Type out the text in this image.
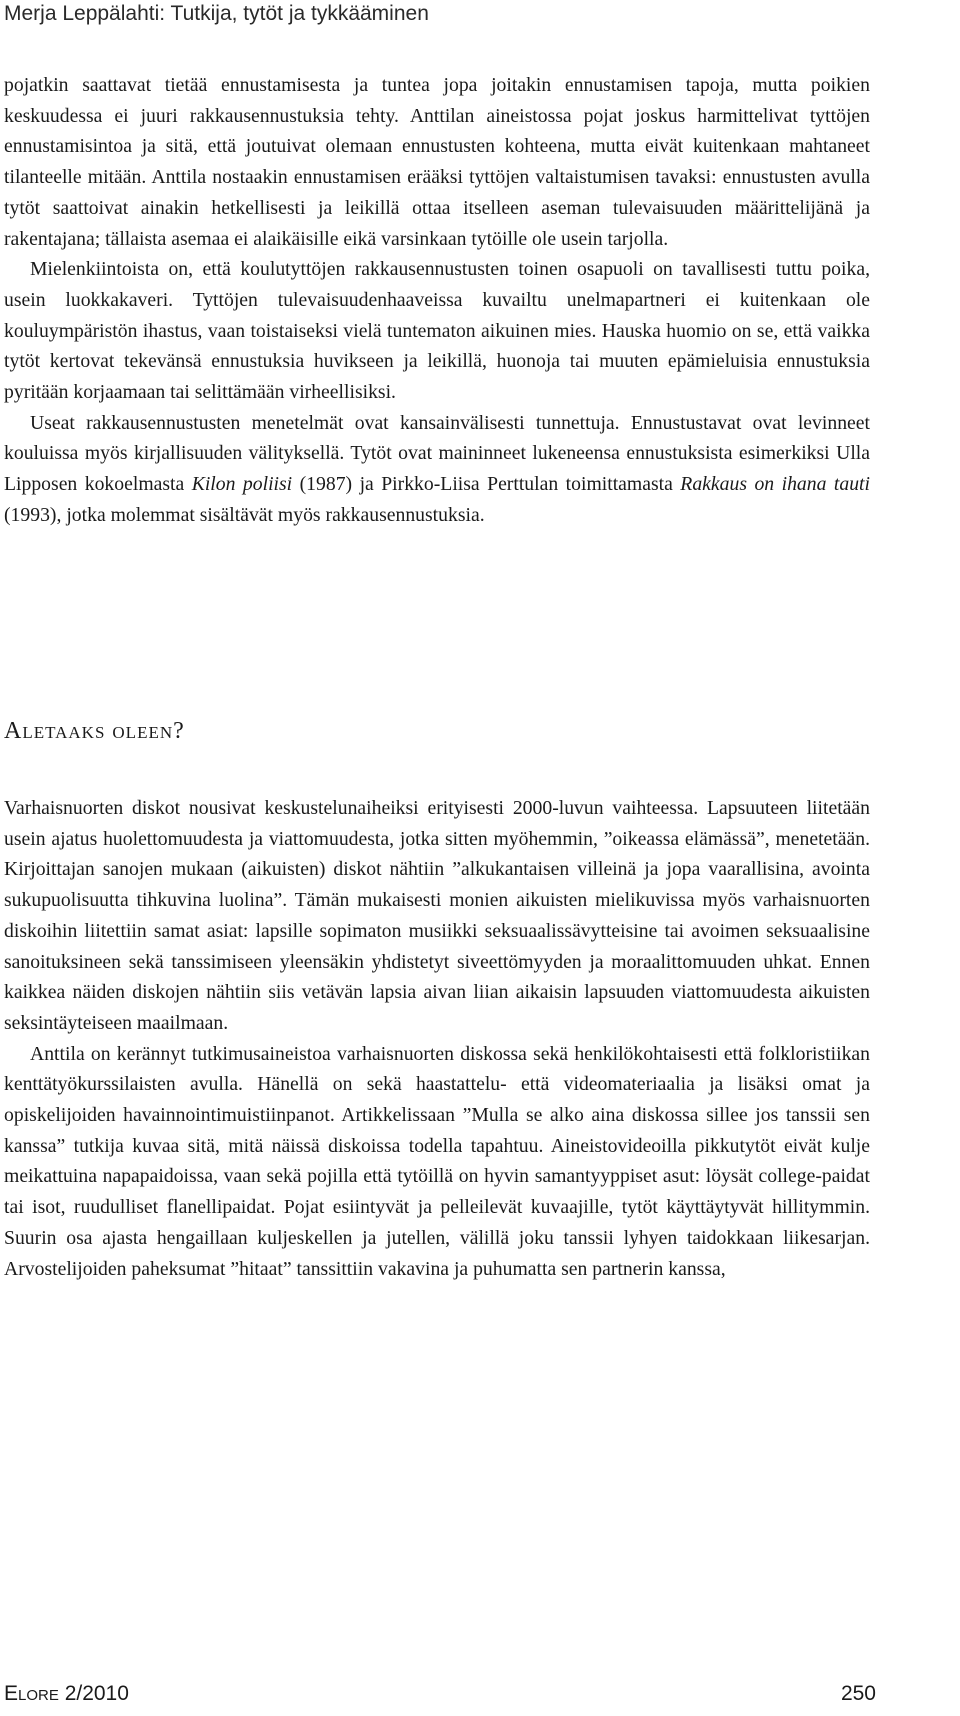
Merja Leppälahti: Tutkija, tytöt ja tykkääminen

pojatkin saattavat tietää ennustamisesta ja tuntea jopa joitakin ennustamisen tapoja, mutta poikien keskuudessa ei juuri rakkausennustuksia tehty. Anttilan aineistossa pojat joskus harmittelivat tyttöjen ennustamisintoa ja sitä, että joutuivat olemaan ennustusten kohteena, mutta eivät kuitenkaan mahtaneet tilanteelle mitään. Anttila nostaakin ennustamisen erääksi tyttöjen valtaistumisen tavaksi: ennustusten avulla tytöt saattoivat ainakin hetkellisesti ja leikillä ottaa itselleen aseman tulevaisuuden määrittelijänä ja rakentajana; tällaista asemaa ei alaikäisille eikä varsinkaan tytöille ole usein tarjolla.

Mielenkiintoista on, että koulutyttöjen rakkausennustusten toinen osapuoli on tavallisesti tuttu poika, usein luokkakaveri. Tyttöjen tulevaisuudenhaaveissa kuvailtu unelmapartneri ei kuitenkaan ole kouluympäristön ihastus, vaan toistaiseksi vielä tuntematon aikuinen mies. Hauska huomio on se, että vaikka tytöt kertovat tekevänsä ennustuksia huvikseen ja leikillä, huonoja tai muuten epämieluisia ennustuksia pyritään korjaamaan tai selittämään virheellisiksi.

Useat rakkausennustusten menetelmät ovat kansainvälisesti tunnettuja. Ennustustavat ovat levinneet kouluissa myös kirjallisuuden välityksellä. Tytöt ovat maininneet lukeneensa ennustuksista esimerkiksi Ulla Lipposen kokoelmasta Kilon poliisi (1987) ja Pirkko-Liisa Perttulan toimittamasta Rakkaus on ihana tauti (1993), jotka molemmat sisältävät myös rakkausennustuksia.

Aletaaks oleen?

Varhaisnuorten diskot nousivat keskustelunaiheiksi erityisesti 2000-luvun vaihteessa. Lapsuuteen liitetään usein ajatus huolettomuudesta ja viattomuudesta, jotka sitten myöhemmin, ”oikeassa elämässä”, menetetään. Kirjoittajan sanojen mukaan (aikuisten) diskot nähtiin ”alkukantaisen villeinä ja jopa vaarallisina, avointa sukupuolisuutta tihkuvina luolina”. Tämän mukaisesti monien aikuisten mielikuvissa myös varhaisnuorten diskoihin liitettiin samat asiat: lapsille sopimaton musiikki seksuaalissävytteisine tai avoimen seksuaalisine sanoituksineen sekä tanssimiseen yleensäkin yhdistetyt siveettömyyden ja moraalittomuuden uhkat. Ennen kaikkea näiden diskojen nähtiin siis vetävän lapsia aivan liian aikaisin lapsuuden viattomuudesta aikuisten seksintäyteiseen maailmaan.

Anttila on kerännyt tutkimusaineistoa varhaisnuorten diskossa sekä henkilökohtaisesti että folkloristiikan kenttätyökurssilaisten avulla. Hänellä on sekä haastattelu- että videomateriaalia ja lisäksi omat ja opiskelijoiden havainnointimuistiinpanot. Artikkelissaan ”Mulla se alko aina diskossa sillee jos tanssii sen kanssa” tutkija kuvaa sitä, mitä näissä diskoissa todella tapahtuu. Aineistovideoilla pikkutytöt eivät kulje meikattuina napapaidoissa, vaan sekä pojilla että tytöillä on hyvin samantyyppiset asut: löysät college-paidat tai isot, ruudulliset flanellipaidat. Pojat esiintyvät ja pelleilevät kuvaajille, tytöt käyttäytyvät hillitymmin. Suurin osa ajasta hengaillaan kuljeskellen ja jutellen, välillä joku tanssii lyhyen taidokkaan liikesarjan. Arvostelijoiden paheksumat ”hitaat” tanssittiin vakavina ja puhumatta sen partnerin kanssa,

Elore 2/2010	250
